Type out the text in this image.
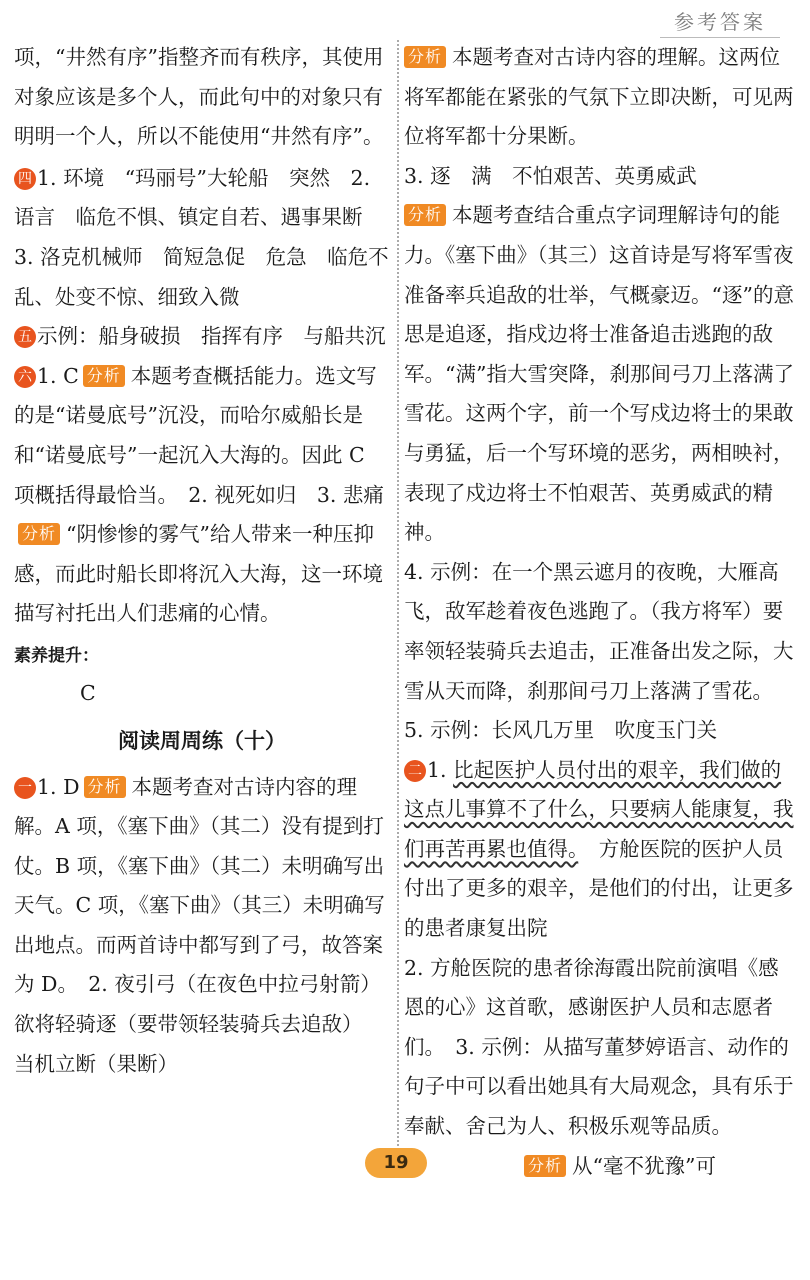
参考答案

项，“井然有序”指整齐而有秩序，其使用对象应该是多个人，而此句中的对象只有明明一个人，所以不能使用“井然有序”。

四 1. 环境　“玛丽号”大轮船　突然　2. 语言　临危不惧、镇定自若、遇事果断　3. 洛克机械师　简短急促　危急　临危不乱、处变不惊、细致入微

五 示例：船身破损　指挥有序　与船共沉

六 1. C 分析 本题考查概括能力。选文写的是“诺曼底号”沉没，而哈尔威船长是和“诺曼底号”一起沉入大海的。因此 C 项概括得最恰当。　2. 视死如归　3. 悲痛分析 “阴惨惨的雾气”给人带来一种压抑感，而此时船长即将沉入大海，这一环境描写衬托出人们悲痛的心情。

素养提升：

C

阅读周周练（十）

一 1. D 分析 本题考查对古诗内容的理解。A 项，《塞下曲》（其二）没有提到打仗。B 项，《塞下曲》（其二）未明确写出天气。C 项，《塞下曲》（其三）未明确写出地点。而两首诗中都写到了弓，故答案为 D。　2. 夜引弓（在夜色中拉弓射箭）　欲将轻骑逐（要带领轻装骑兵去追敌）　当机立断（果断）

分析 本题考查对古诗内容的理解。这两位将军都能在紧张的气氛下立即决断，可见两位将军都十分果断。

3. 逐　满　不怕艰苦、英勇威武

分析 本题考查结合重点字词理解诗句的能力。《塞下曲》（其三）这首诗是写将军雪夜准备率兵追敌的壮举，气概豪迈。“逐”的意思是追逐，指戍边将士准备追击逃跑的敌军。“满”指大雪突降，刹那间弓刀上落满了雪花。这两个字，前一个写戍边将士的果敢与勇猛，后一个写环境的恶劣，两相映衬，表现了戍边将士不怕艰苦、英勇威武的精神。

4. 示例：在一个黑云遮月的夜晚，大雁高飞，敌军趁着夜色逃跑了。（我方将军）要率领轻装骑兵去追击，正准备出发之际，大雪从天而降，刹那间弓刀上落满了雪花。　5. 示例：长风几万里　吹度玉门关

二 1. 比起医护人员付出的艰辛，我们做的这点儿事算不了什么，只要病人能康复，我们再苦再累也值得。　方舱医院的医护人员付出了更多的艰辛，是他们的付出，让更多的患者康复出院

2. 方舱医院的患者徐海霞出院前演唱《感恩的心》这首歌，感谢医护人员和志愿者们。　3. 示例：从描写董梦婷语言、动作的句子中可以看出她具有大局观念，具有乐于奉献、舍己为人、积极乐观等品质。

分析 从“毫不犹豫”可

19
